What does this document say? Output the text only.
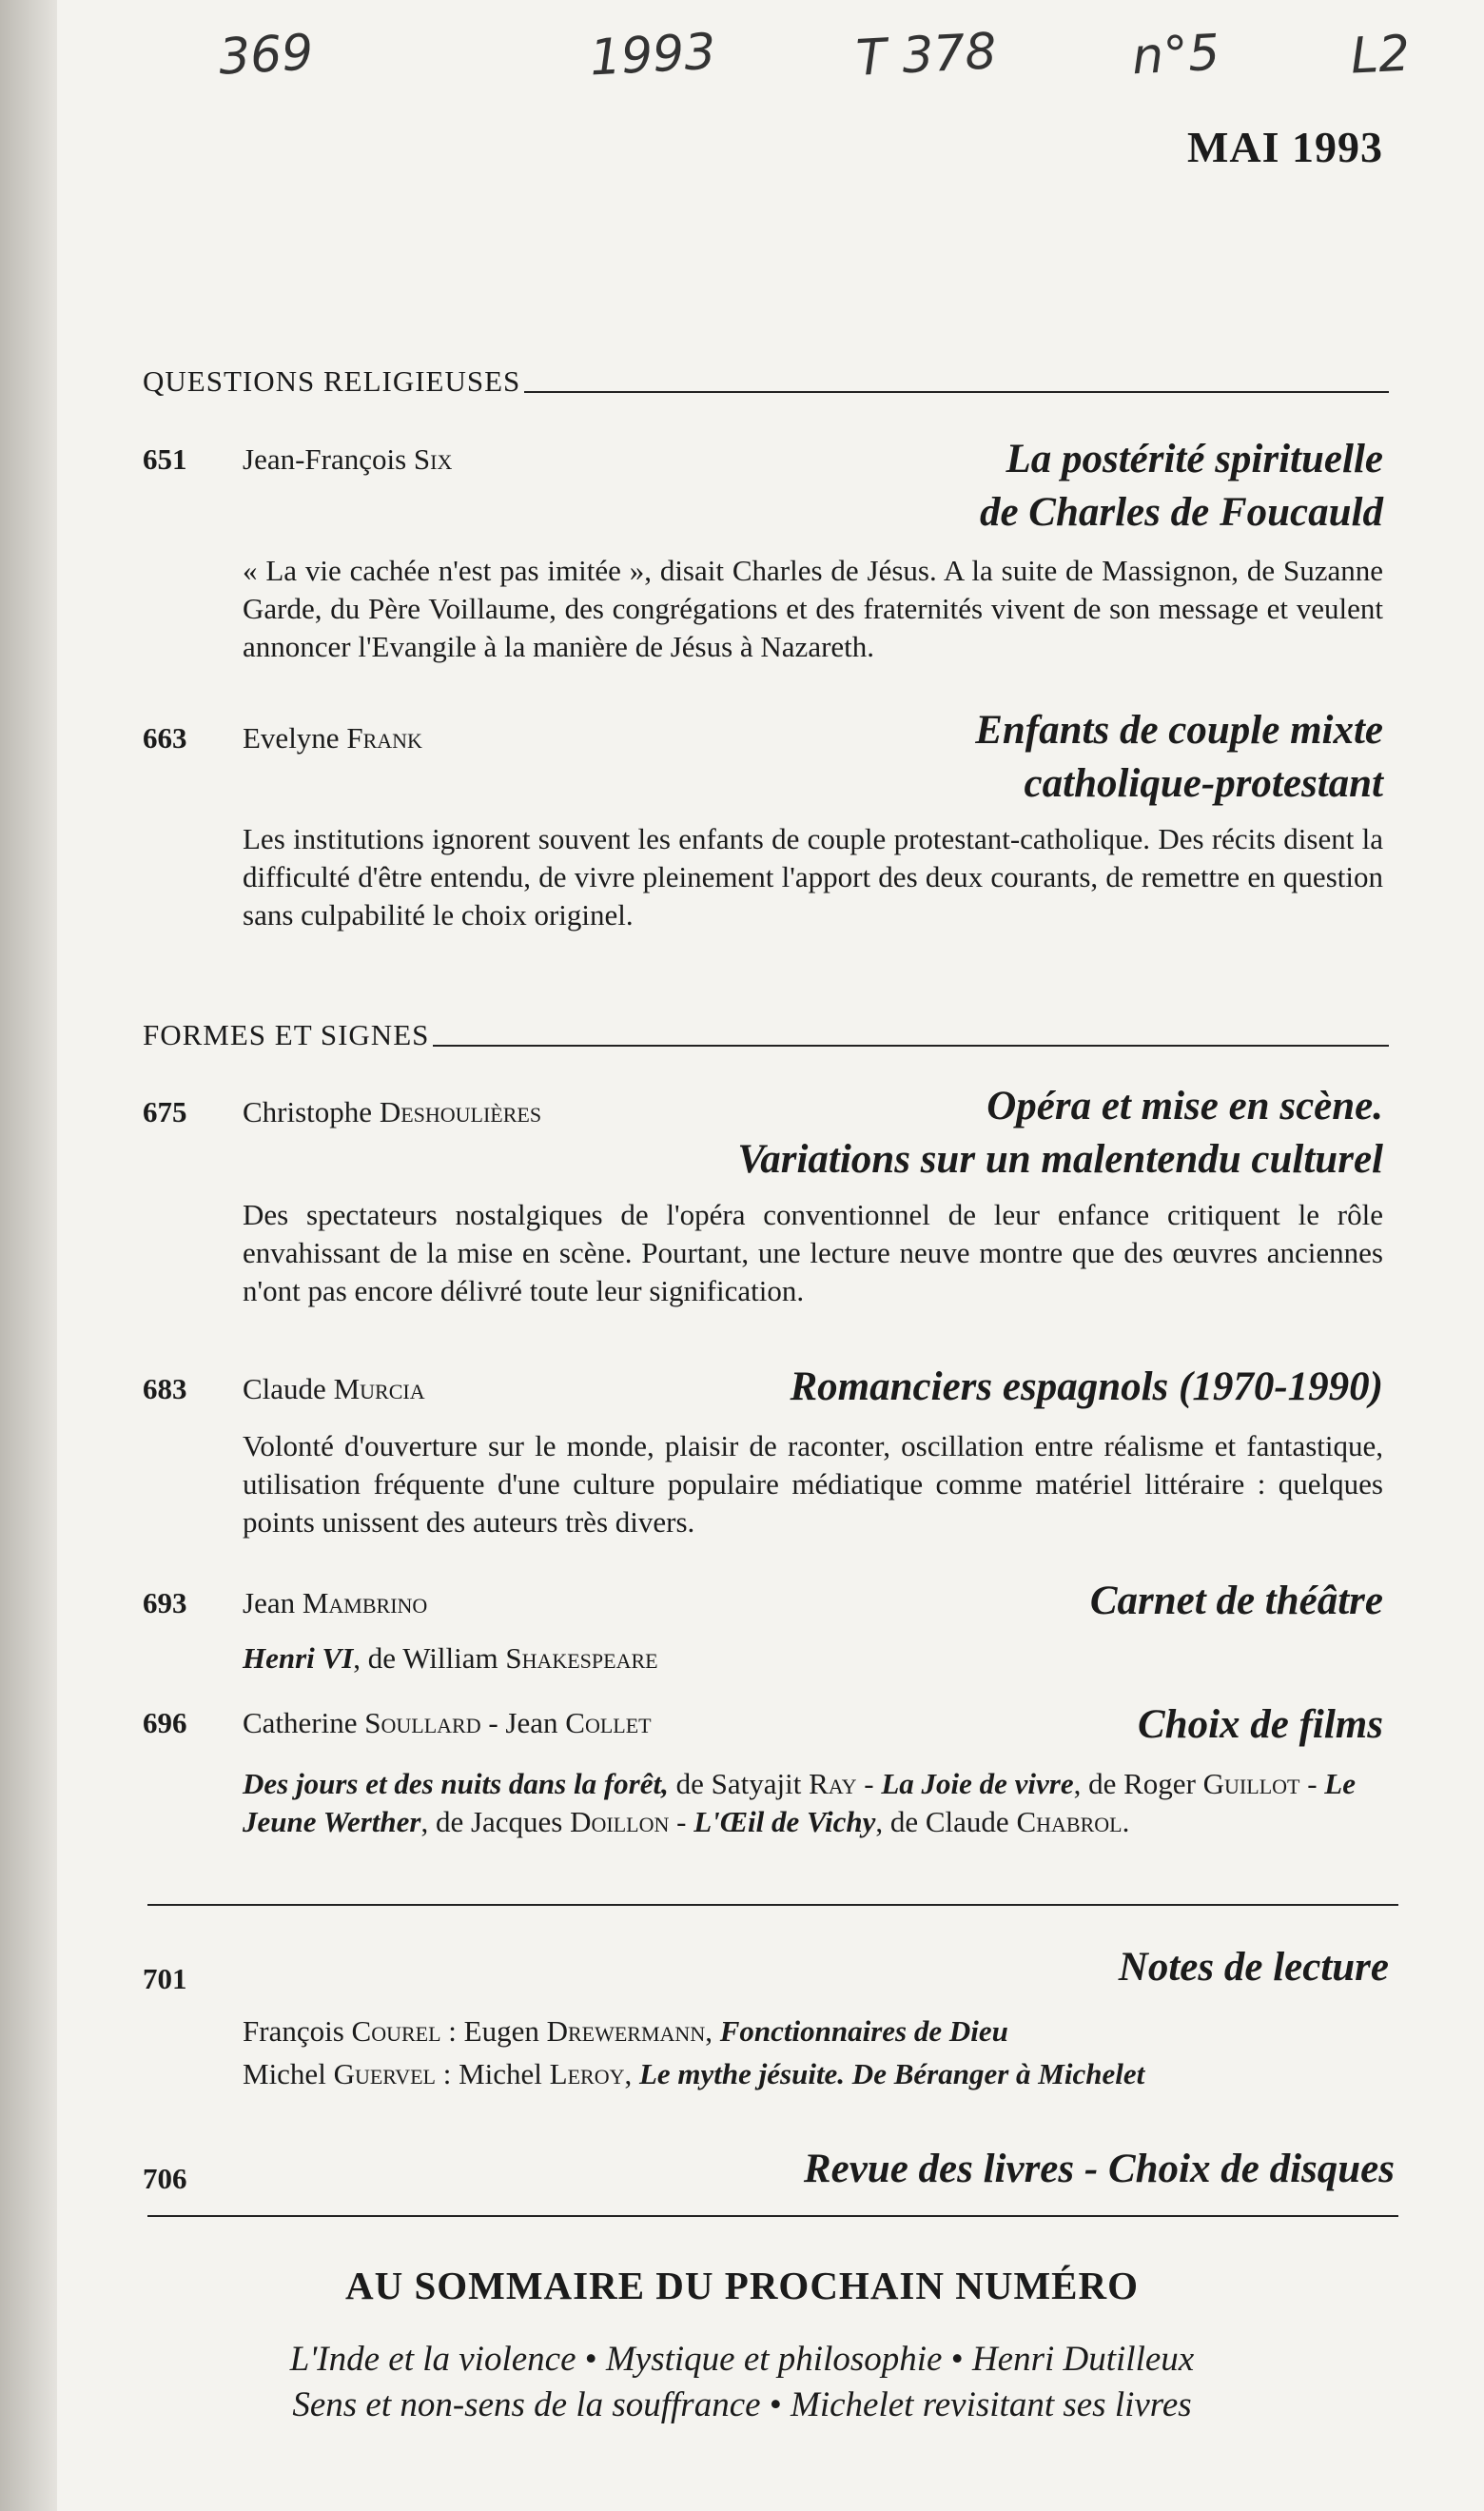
369	1993	T 378	n°5	L2
MAI 1993
QUESTIONS RELIGIEUSES
651 Jean-François Six	La postérité spirituelle
de Charles de Foucauld
« La vie cachée n'est pas imitée », disait Charles de Jésus. A la suite de Massignon, de Suzanne Garde, du Père Voillaume, des congrégations et des fraternités vivent de son message et veulent annoncer l'Evangile à la manière de Jésus à Nazareth.
663 Evelyne Frank	Enfants de couple mixte
catholique-protestant
Les institutions ignorent souvent les enfants de couple protestant-catholique. Des récits disent la difficulté d'être entendu, de vivre pleinement l'apport des deux courants, de remettre en question sans culpabilité le choix originel.
FORMES ET SIGNES
675 Christophe Deshoulières	Opéra et mise en scène.
Variations sur un malentendu culturel
Des spectateurs nostalgiques de l'opéra conventionnel de leur enfance critiquent le rôle envahissant de la mise en scène. Pourtant, une lecture neuve montre que des œuvres anciennes n'ont pas encore délivré toute leur signification.
683 Claude Murcia	Romanciers espagnols (1970-1990)
Volonté d'ouverture sur le monde, plaisir de raconter, oscillation entre réalisme et fantastique, utilisation fréquente d'une culture populaire médiatique comme matériel littéraire : quelques points unissent des auteurs très divers.
693 Jean Mambrino	Carnet de théâtre
Henri VI, de William Shakespeare
696 Catherine Soullard - Jean Collet	Choix de films
Des jours et des nuits dans la forêt, de Satyajit Ray - La Joie de vivre, de Roger Guillot - Le Jeune Werther, de Jacques Doillon - L'Œil de Vichy, de Claude Chabrol.
701	Notes de lecture
François Courel : Eugen Drewermann, Fonctionnaires de Dieu
Michel Guervel : Michel Leroy, Le mythe jésuite. De Béranger à Michelet
706	Revue des livres - Choix de disques
AU SOMMAIRE DU PROCHAIN NUMÉRO
L'Inde et la violence • Mystique et philosophie • Henri Dutilleux
Sens et non-sens de la souffrance • Michelet revisitant ses livres
